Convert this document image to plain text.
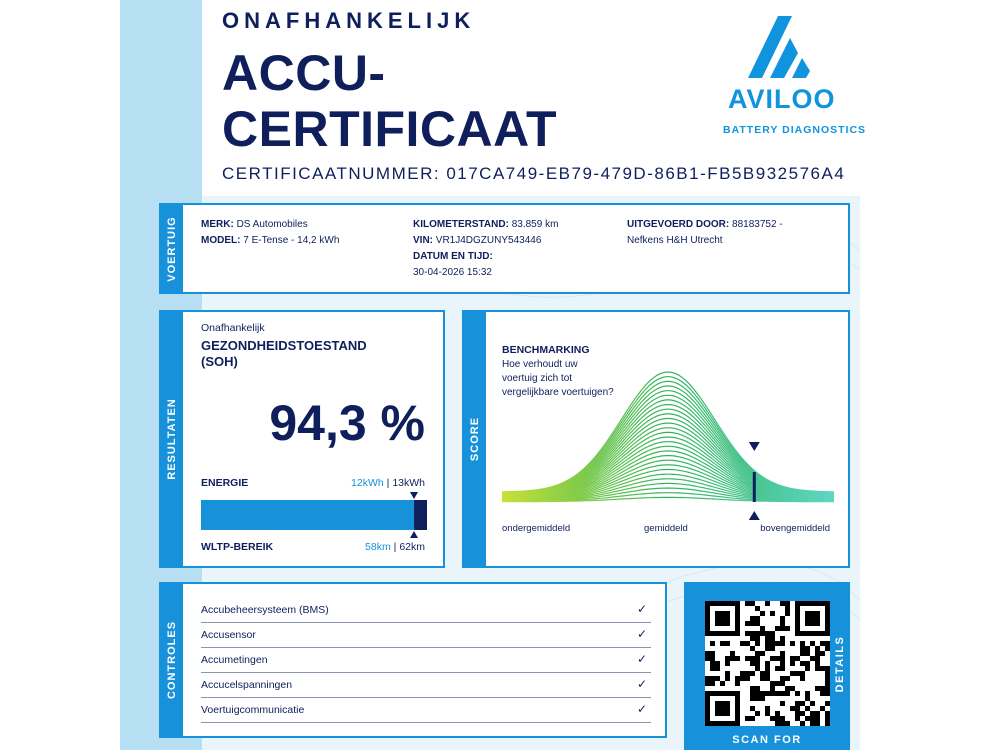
ONAFHANKELIJK
ACCU-
CERTIFICAAT
CERTIFICAATNUMMER: 017CA749-EB79-479D-86B1-FB5B932576A4
AVILOO
BATTERY DIAGNOSTICS
VOERTUIG MERK: DS Automobiles
MODEL: 7 E-Tense - 14,2 kWh
KILOMETERSTAND: 83.859 km
VIN: VR1J4DGZUNY543446
DATUM EN TIJD:
30-04-2026 15:32
UITGEVOERD DOOR: 88183752 -
Nefkens H&H Utrecht
RESULTATEN
Onafhankelijk
GEZONDHEIDSTOESTAND
(SOH)
94,3 %
ENERGIE	12kWh | 13kWh
WLTP-BEREIK	58km | 62km
SCORE
BENCHMARKING
Hoe verhoudt uw
voertuig zich tot
vergelijkbare voertuigen?
ondergemiddeld	gemiddeld	bovengemiddeld
CONTROLES
Accubeheersysteem (BMS)	✓
Accusensor	✓
Accumetingen	✓
Accucelspanningen	✓
Voertuigcommunicatie	✓
SCAN FOR
DETAILS
